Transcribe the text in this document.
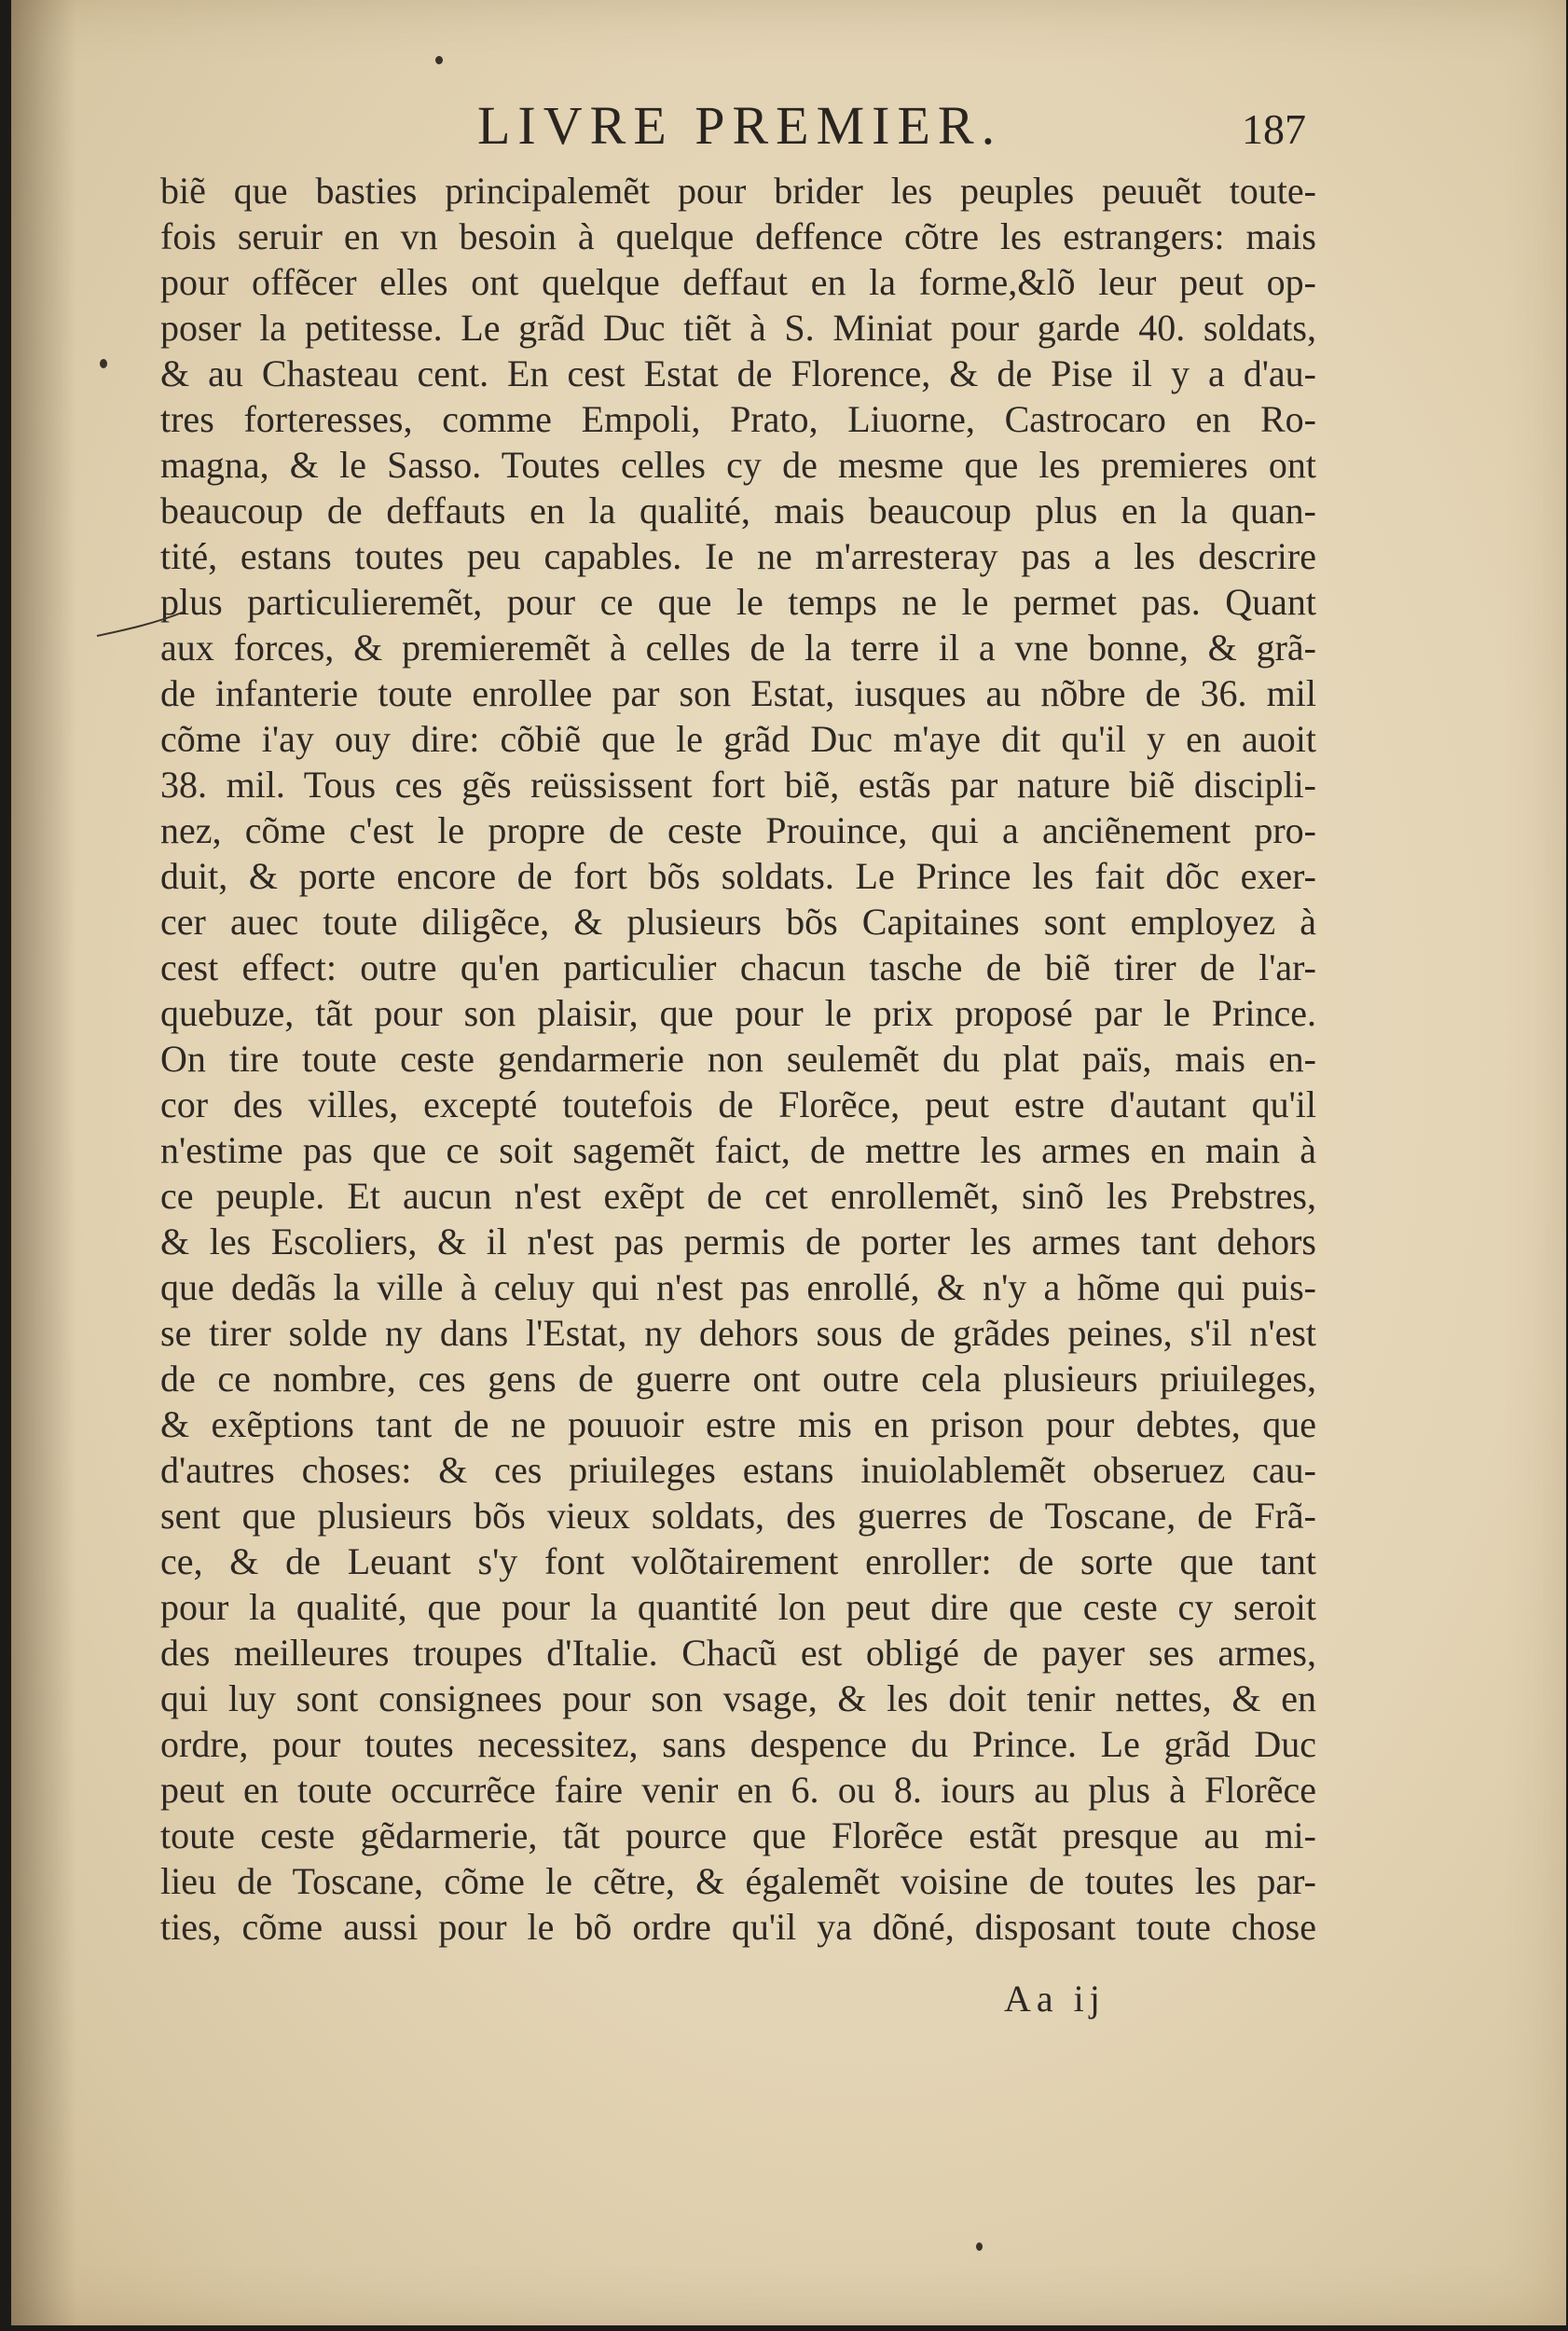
LIVRE PREMIER.	187
biẽ que basties principalemẽt pour brider les peuples peuuẽt toute-
fois seruir en vn besoin à quelque deffence cõtre les estrangers: mais
pour offẽcer elles ont quelque deffaut en la forme,&lõ leur peut op-
poser la petitesse. Le grãd Duc tiẽt à S. Miniat pour garde 40. soldats,
& au Chasteau cent. En cest Estat de Florence, & de Pise il y a d'au-
tres forteresses, comme Empoli, Prato, Liuorne, Castrocaro en Ro-
magna, & le Sasso. Toutes celles cy de mesme que les premieres ont
beaucoup de deffauts en la qualité, mais beaucoup plus en la quan-
tité, estans toutes peu capables. Ie ne m'arresteray pas a les descrire
plus particulieremẽt, pour ce que le temps ne le permet pas. Quant
aux forces, & premieremẽt à celles de la terre il a vne bonne, & grã-
de infanterie toute enrollee par son Estat, iusques au nõbre de 36. mil
cõme i'ay ouy dire: cõbiẽ que le grãd Duc m'aye dit qu'il y en auoit
38. mil. Tous ces gẽs reüssissent fort biẽ, estãs par nature biẽ discipli-
nez, cõme c'est le propre de ceste Prouince, qui a anciẽnement pro-
duit, & porte encore de fort bõs soldats. Le Prince les fait dõc exer-
cer auec toute diligẽce, & plusieurs bõs Capitaines sont employez à
cest effect: outre qu'en particulier chacun tasche de biẽ tirer de l'ar-
quebuze, tãt pour son plaisir, que pour le prix proposé par le Prince.
On tire toute ceste gendarmerie non seulemẽt du plat païs, mais en-
cor des villes, excepté toutefois de Florẽce, peut estre d'autant qu'il
n'estime pas que ce soit sagemẽt faict, de mettre les armes en main à
ce peuple. Et aucun n'est exẽpt de cet enrollemẽt, sinõ les Prebstres,
& les Escoliers, & il n'est pas permis de porter les armes tant dehors
que dedãs la ville à celuy qui n'est pas enrollé, & n'y a hõme qui puis-
se tirer solde ny dans l'Estat, ny dehors sous de grãdes peines, s'il n'est
de ce nombre, ces gens de guerre ont outre cela plusieurs priuileges,
& exẽptions tant de ne pouuoir estre mis en prison pour debtes, que
d'autres choses: & ces priuileges estans inuiolablemẽt obseruez cau-
sent que plusieurs bõs vieux soldats, des guerres de Toscane, de Frã-
ce, & de Leuant s'y font volõtairement enroller: de sorte que tant
pour la qualité, que pour la quantité lon peut dire que ceste cy seroit
des meilleures troupes d'Italie. Chacũ est obligé de payer ses armes,
qui luy sont consignees pour son vsage, & les doit tenir nettes, & en
ordre, pour toutes necessitez, sans despence du Prince. Le grãd Duc
peut en toute occurrẽce faire venir en 6. ou 8. iours au plus à Florẽce
toute ceste gẽdarmerie, tãt pource que Florẽce estãt presque au mi-
lieu de Toscane, cõme le cẽtre, & égalemẽt voisine de toutes les par-
ties, cõme aussi pour le bõ ordre qu'il ya dõné, disposant toute chose
Aa ij
